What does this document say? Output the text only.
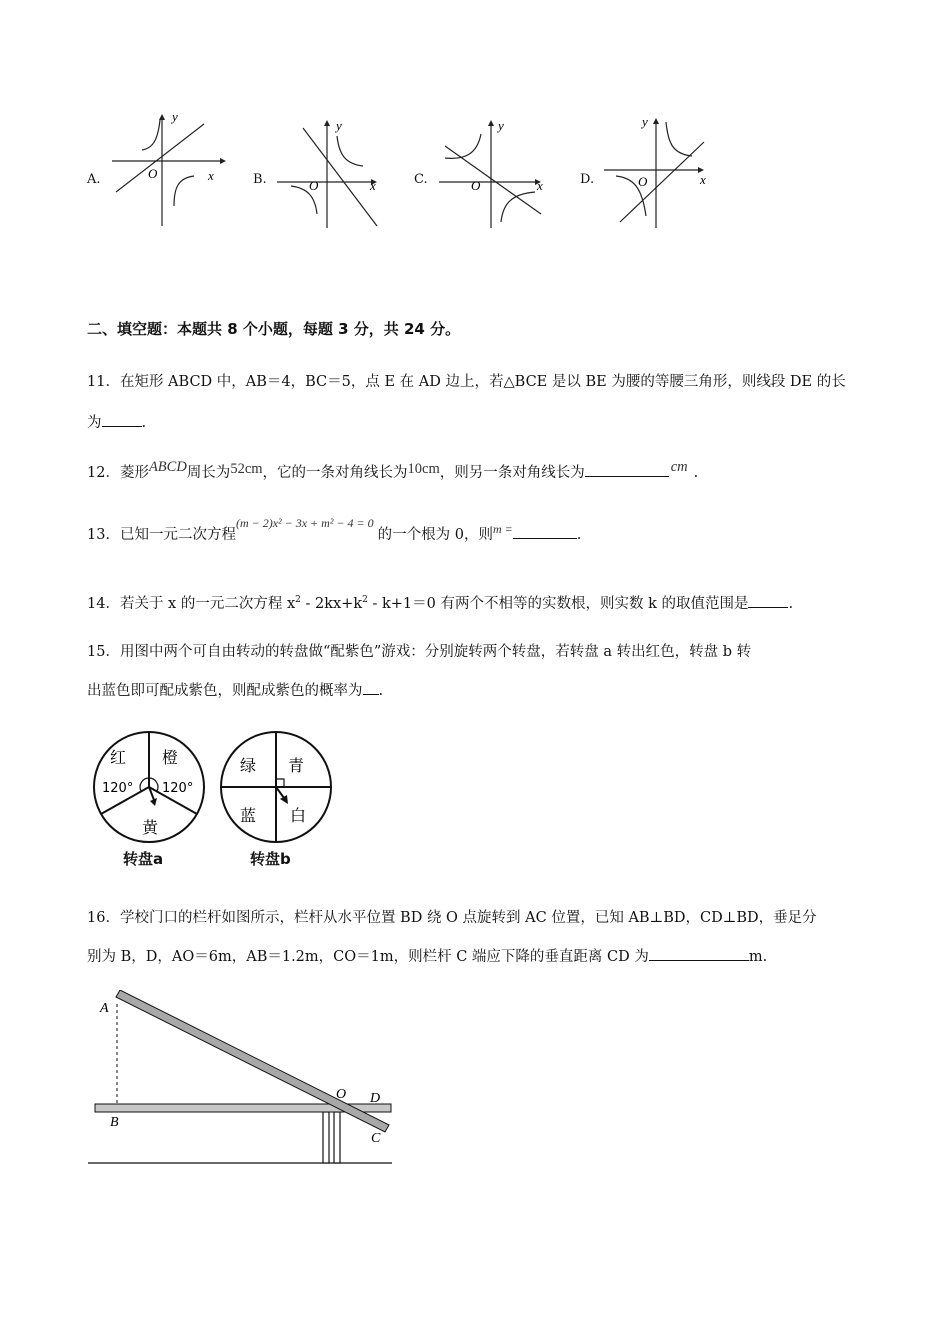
A.
y
x
O	B.
y
x
O	C.
y
x
O	D.
y
x
O
二、填空题：本题共 8 个小题，每题 3 分，共 24 分。
11．在矩形 ABCD 中，AB＝4，BC＝5，点 E 在 AD 边上，若△BCE 是以 BE 为腰的等腰三角形，则线段 DE 的长
为	.
12．菱形ABCD周长为52cm，它的一条对角线长为10cm，则另一条对角线长为	cm .
13．已知一元二次方程$^{(m - 2)x^2 - 3x + m^2 - 4 = 0}$的一个根为 0，则$^{m =}$	.
14．若关于 x 的一元二次方程 $x^2 - 2kx+k^2 - k+1=0$ 有两个不相等的实数根，则实数 k 的取值范围是	.
15．用图中两个可自由转动的转盘做“配紫色”游戏：分别旋转两个转盘，若转盘 a 转出红色，转盘 b 转
出蓝色即可配成紫色，则配成紫色的概率为 .
红 橙
黄
120° 120°
转盘a
绿 青
蓝 白
转盘b
16．学校门口的栏杆如图所示，栏杆从水平位置 BD 绕 O 点旋转到 AC 位置，已知 AB⊥BD，CD⊥BD，垂足分
别为 B，D，AO＝6m，AB＝1.2m，CO＝1m，则栏杆 C 端应下降的垂直距离 CD 为	m.
A
B
O D
C
